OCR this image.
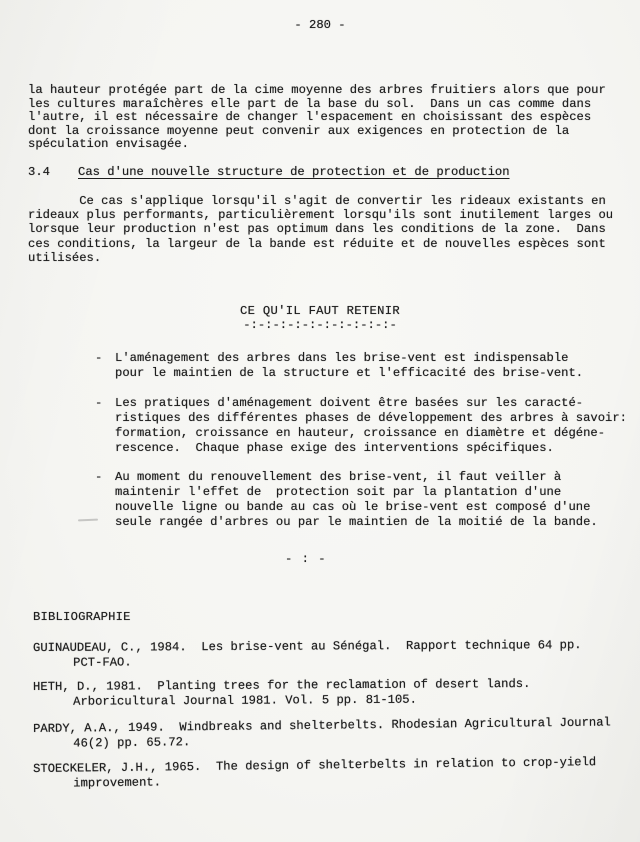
- 280 -
la hauteur protégée part de la cime moyenne des arbres fruitiers alors que pour
les cultures maraîchères elle part de la base du sol.  Dans un cas comme dans
l'autre, il est nécessaire de changer l'espacement en choisissant des espèces
dont la croissance moyenne peut convenir aux exigences en protection de la
spéculation envisagée.
3.4 Cas d'une nouvelle structure de protection et de production
Ce cas s'applique lorsqu'il s'agit de convertir les rideaux existants en
rideaux plus performants, particulièrement lorsqu'ils sont inutilement larges ou
lorsque leur production n'est pas optimum dans les conditions de la zone.  Dans
ces conditions, la largeur de la bande est réduite et de nouvelles espèces sont
utilisées.
CE QU'IL FAUT RETENIR
-:-:-:-:-:-:-:-:-:-:-
- L'aménagement des arbres dans les brise-vent est indispensable
pour le maintien de la structure et l'efficacité des brise-vent.
- Les pratiques d'aménagement doivent être basées sur les caracté-
ristiques des différentes phases de développement des arbres à savoir:
formation, croissance en hauteur, croissance en diamètre et dégéne-
rescence.  Chaque phase exige des interventions spécifiques.
- Au moment du renouvellement des brise-vent, il faut veiller à
maintenir l'effet de  protection soit par la plantation d'une
nouvelle ligne ou bande au cas où le brise-vent est composé d'une
seule rangée d'arbres ou par le maintien de la moitié de la bande.
- : -
BIBLIOGRAPHIE
GUINAUDEAU, C., 1984.  Les brise-vent au Sénégal.  Rapport technique 64 pp.
PCT-FAO.
HETH, D., 1981.  Planting trees for the reclamation of desert lands.
Arboricultural Journal 1981. Vol. 5 pp. 81-105.
PARDY, A.A., 1949.  Windbreaks and shelterbelts. Rhodesian Agricultural Journal
46(2) pp. 65.72.
STOECKELER, J.H., 1965.  The design of shelterbelts in relation to crop-yield
improvement.
